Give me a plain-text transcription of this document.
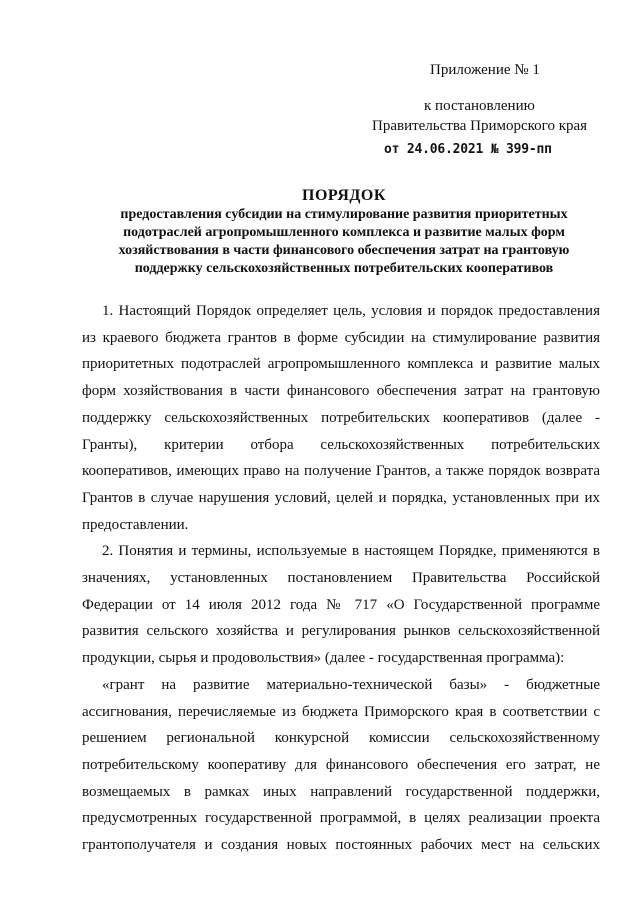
Приложение № 1
к постановлению
Правительства Приморского края
от 24.06.2021 № 399-пп
ПОРЯДОК
предоставления субсидии на стимулирование развития приоритетных подотраслей агропромышленного комплекса и развитие малых форм хозяйствования в части финансового обеспечения затрат на грантовую поддержку сельскохозяйственных потребительских кооперативов

1. Настоящий Порядок определяет цель, условия и порядок предоставления из краевого бюджета грантов в форме субсидии на стимулирование развития приоритетных подотраслей агропромышленного комплекса и развитие малых форм хозяйствования в части финансового обеспечения затрат на грантовую поддержку сельскохозяйственных потребительских кооперативов (далее - Гранты), критерии отбора сельскохозяйственных потребительских кооперативов, имеющих право на получение Грантов, а также порядок возврата Грантов в случае нарушения условий, целей и порядка, установленных при их предоставлении.

2. Понятия и термины, используемые в настоящем Порядке, применяются в значениях, установленных постановлением Правительства Российской Федерации от 14 июля 2012 года № 717 «О Государственной программе развития сельского хозяйства и регулирования рынков сельскохозяйственной продукции, сырья и продовольствия» (далее - государственная программа):

«грант на развитие материально-технической базы» - бюджетные ассигнования, перечисляемые из бюджета Приморского края в соответствии с решением региональной конкурсной комиссии сельскохозяйственному потребительскому кооперативу для финансового обеспечения его затрат, не возмещаемых в рамках иных направлений государственной поддержки, предусмотренных государственной программой, в целях реализации проекта грантополучателя и создания новых постоянных рабочих мест на сельских
